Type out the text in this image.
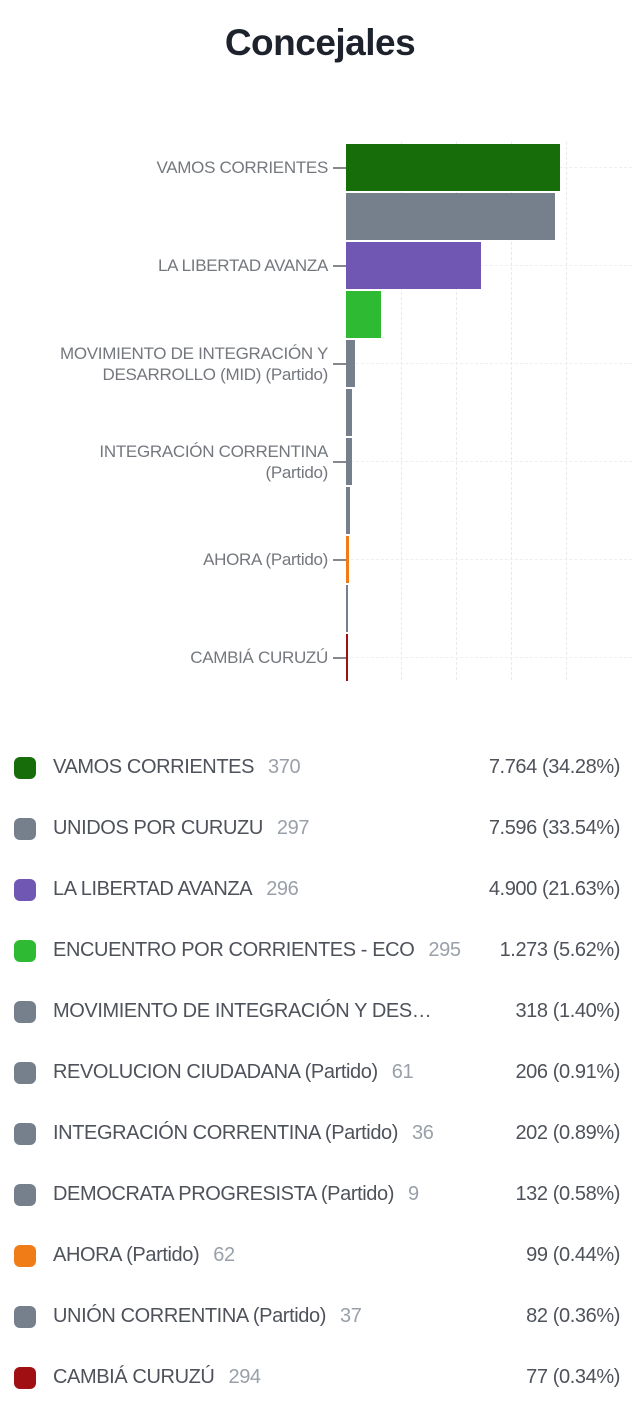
Concejales
VAMOS CORRIENTES
LA LIBERTAD AVANZA
MOVIMIENTO DE INTEGRACIÓN Y
DESARROLLO (MID) (Partido)
INTEGRACIÓN CORRENTINA
(Partido)
AHORA (Partido)
CAMBIÁ CURUZÚ
VAMOS CORRIENTES 370	7.764 (34.28%)
UNIDOS POR CURUZU 297	7.596 (33.54%)
LA LIBERTAD AVANZA 296	4.900 (21.63%)
ENCUENTRO POR CORRIENTES - ECO 295 1.273 (5.62%)
MOVIMIENTO DE INTEGRACIÓN Y DES…	318 (1.40%)
REVOLUCION CIUDADANA (Partido) 61	206 (0.91%)
INTEGRACIÓN CORRENTINA (Partido) 36	202 (0.89%)
DEMOCRATA PROGRESISTA (Partido) 9	132 (0.58%)
AHORA (Partido) 62	99 (0.44%)
UNIÓN CORRENTINA (Partido) 37	82 (0.36%)
CAMBIÁ CURUZÚ 294	77 (0.34%)
